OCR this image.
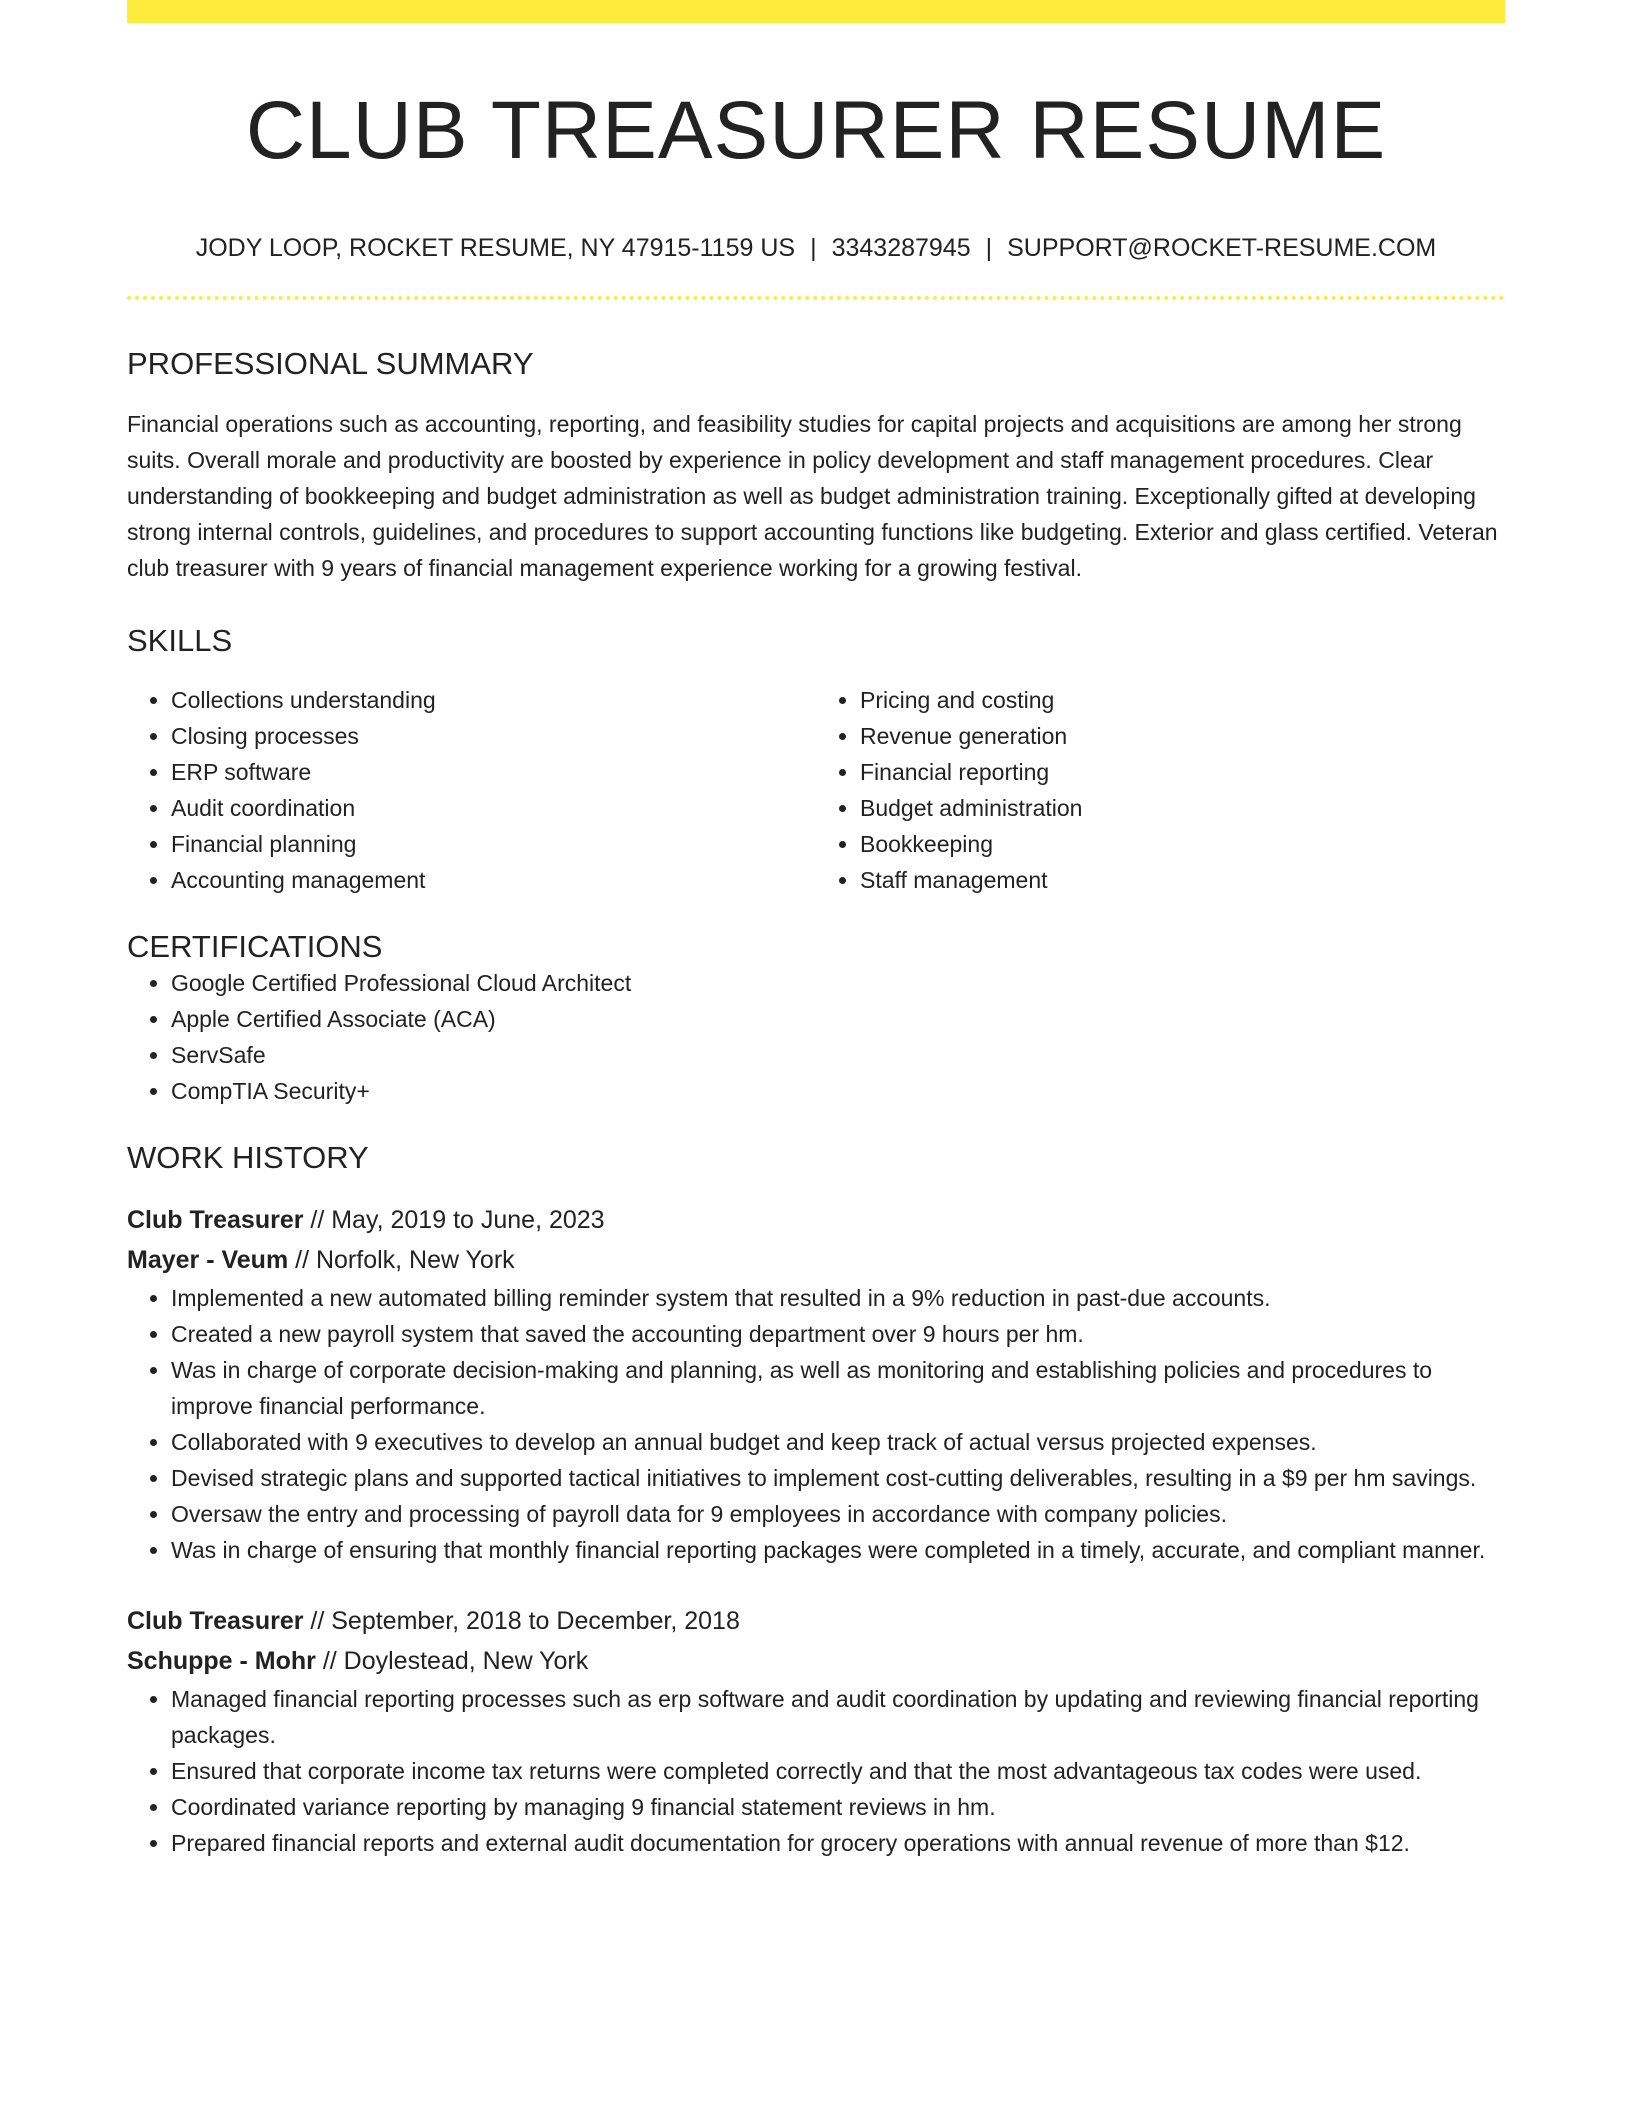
CLUB TREASURER RESUME
JODY LOOP, ROCKET RESUME, NY 47915-1159 US | 3343287945 | SUPPORT@ROCKET-RESUME.COM
PROFESSIONAL SUMMARY
Financial operations such as accounting, reporting, and feasibility studies for capital projects and acquisitions are among her strong suits. Overall morale and productivity are boosted by experience in policy development and staff management procedures. Clear understanding of bookkeeping and budget administration as well as budget administration training. Exceptionally gifted at developing strong internal controls, guidelines, and procedures to support accounting functions like budgeting. Exterior and glass certified. Veteran club treasurer with 9 years of financial management experience working for a growing festival.
SKILLS
• Collections understanding
• Closing processes
• ERP software
• Audit coordination
• Financial planning
• Accounting management
• Pricing and costing
• Revenue generation
• Financial reporting
• Budget administration
• Bookkeeping
• Staff management
CERTIFICATIONS
• Google Certified Professional Cloud Architect
• Apple Certified Associate (ACA)
• ServSafe
• CompTIA Security+
WORK HISTORY
Club Treasurer // May, 2019 to June, 2023
Mayer - Veum // Norfolk, New York
• Implemented a new automated billing reminder system that resulted in a 9% reduction in past-due accounts.
• Created a new payroll system that saved the accounting department over 9 hours per hm.
• Was in charge of corporate decision-making and planning, as well as monitoring and establishing policies and procedures to improve financial performance.
• Collaborated with 9 executives to develop an annual budget and keep track of actual versus projected expenses.
• Devised strategic plans and supported tactical initiatives to implement cost-cutting deliverables, resulting in a $9 per hm savings.
• Oversaw the entry and processing of payroll data for 9 employees in accordance with company policies.
• Was in charge of ensuring that monthly financial reporting packages were completed in a timely, accurate, and compliant manner.
Club Treasurer // September, 2018 to December, 2018
Schuppe - Mohr // Doylestead, New York
• Managed financial reporting processes such as erp software and audit coordination by updating and reviewing financial reporting packages.
• Ensured that corporate income tax returns were completed correctly and that the most advantageous tax codes were used.
• Coordinated variance reporting by managing 9 financial statement reviews in hm.
• Prepared financial reports and external audit documentation for grocery operations with annual revenue of more than $12.
